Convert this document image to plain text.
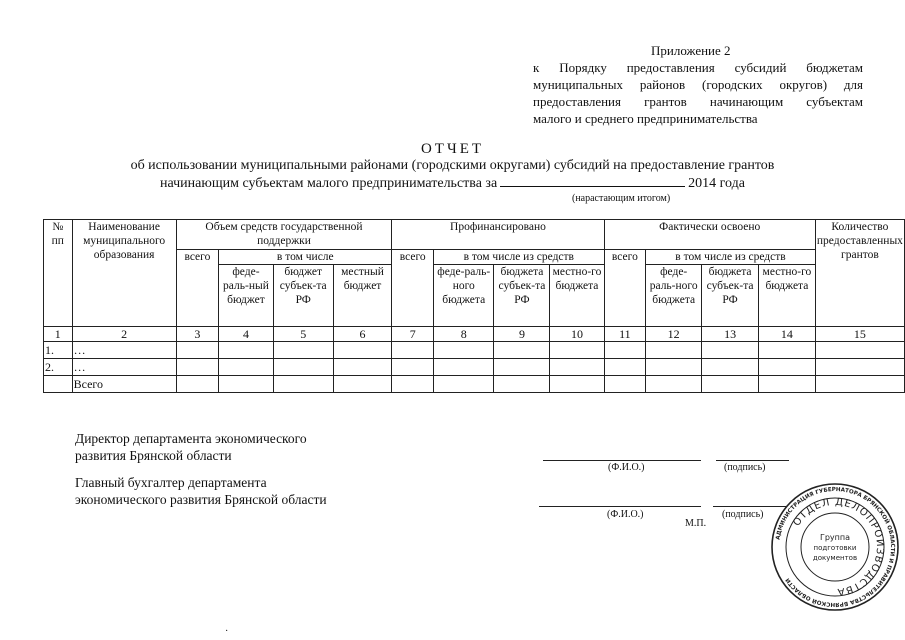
Приложение 2
к Порядку предоставления субсидий бюджетам
муниципальных районов (городских округов) для
предоставления грантов начинающим субъектам
малого и среднего предпринимательства
ОТЧЕТ
об использовании муниципальными районами (городскими округами) субсидий на предоставление грантов
начинающим субъектам малого предпринимательства за	2014 года
(нарастающим итогом)
№ пп	Наименование муниципального образования	Объем средств государственной поддержки				Профинансировано				Фактически освоено				Количество предоставленных грантов
		всего	в том числе			всего	в том числе из средств			всего	в том числе из средств			
			феде-раль-ный бюджет	бюджет субъек-та РФ	местный бюджет		феде-раль-ного бюджета	бюджета субъек-та РФ	местно-го бюджета		феде-раль-ного бюджета	бюджета субъек-та РФ	местно-го бюджета	
1	2	3	4	5	6	7	8	9	10	11	12	13	14	15
1.	…													
2.	…													
	Всего													
Директор департамента экономического
развития Брянской области
Главный бухгалтер департамента
экономического развития Брянской области
(Ф.И.О.)	(подпись)
(Ф.И.О.)	(подпись)
М.П.
АДМИНИСТРАЦИЯ ГУБЕРНАТОРА БРЯНСКОЙ ОБЛАСТИ И ПРАВИТЕЛЬСТВА БРЯНСКОЙ ОБЛАСТИ
ОТДЕЛ ДЕЛОПРОИЗВОДСТВА
Группа
подготовки
документов
·
